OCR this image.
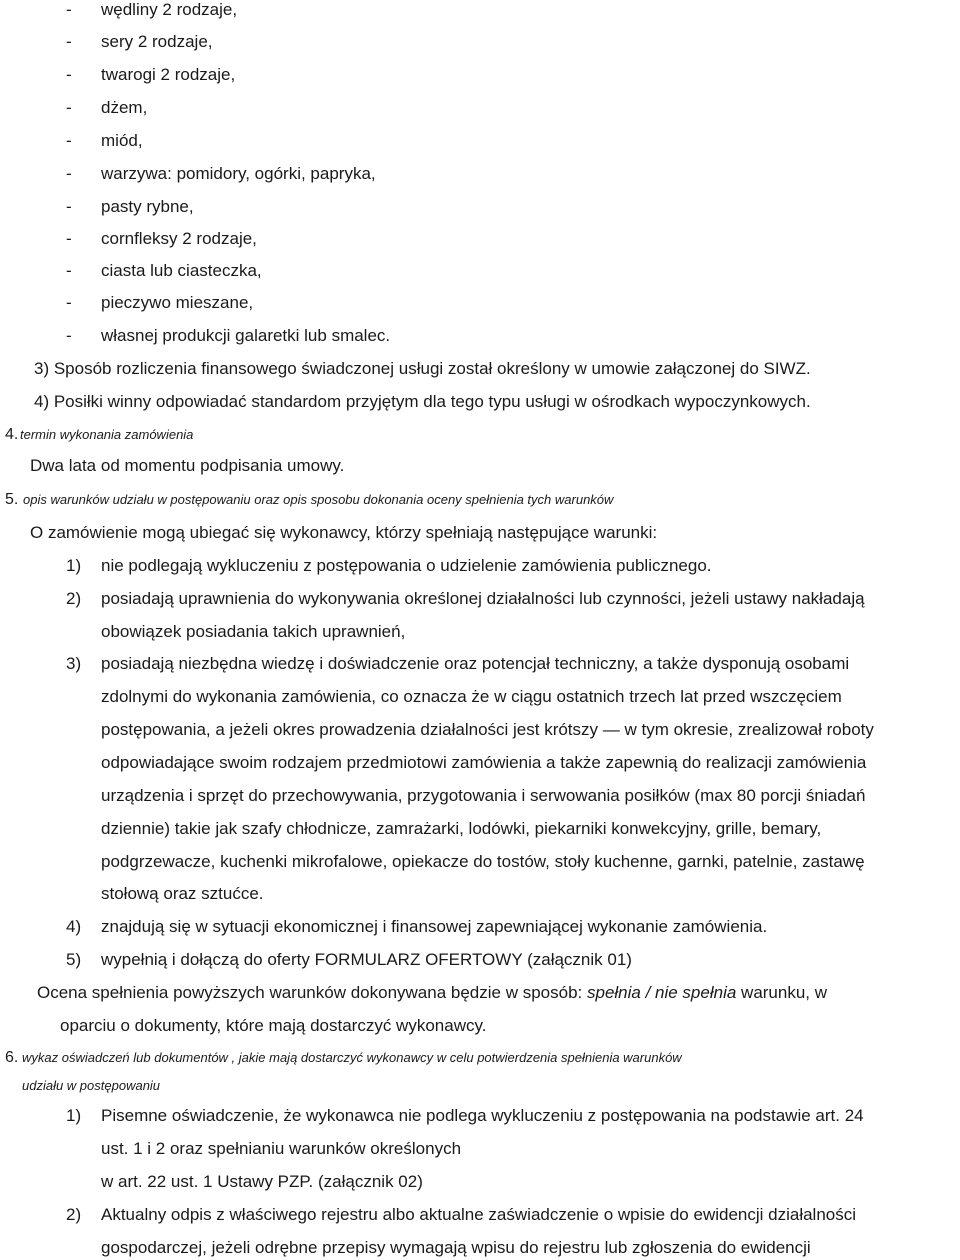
- wędliny 2 rodzaje,
- sery 2 rodzaje,
- twarogi 2 rodzaje,
- dżem,
- miód,
- warzywa: pomidory, ogórki, papryka,
- pasty rybne,
- cornfleksy 2 rodzaje,
- ciasta lub ciasteczka,
- pieczywo mieszane,
- własnej produkcji galaretki lub smalec.
3) Sposób rozliczenia finansowego świadczonej usługi został określony w umowie załączonej do SIWZ.
4) Posiłki winny odpowiadać standardom przyjętym dla tego typu usługi w ośrodkach wypoczynkowych.
4. termin wykonania zamówienia
Dwa lata od momentu podpisania umowy.
5. opis warunków udziału w postępowaniu oraz opis sposobu dokonania oceny spełnienia tych warunków
O zamówienie mogą ubiegać się wykonawcy, którzy spełniają następujące warunki:
1) nie podlegają wykluczeniu z postępowania o udzielenie zamówienia publicznego.
2) posiadają uprawnienia do wykonywania określonej działalności lub czynności, jeżeli ustawy nakładają
obowiązek posiadania takich uprawnień,
3) posiadają niezbędna wiedzę i doświadczenie oraz potencjał techniczny, a także dysponują osobami
zdolnymi do wykonania zamówienia, co oznacza że w ciągu ostatnich trzech lat przed wszczęciem
postępowania, a jeżeli okres prowadzenia działalności jest krótszy — w tym okresie, zrealizował roboty
odpowiadające swoim rodzajem przedmiotowi zamówienia a także zapewnią do realizacji zamówienia
urządzenia i sprzęt do przechowywania, przygotowania i serwowania posiłków (max 80 porcji śniadań
dziennie) takie jak szafy chłodnicze, zamrażarki, lodówki, piekarniki konwekcyjny, grille, bemary,
podgrzewacze, kuchenki mikrofalowe, opiekacze do tostów, stoły kuchenne, garnki, patelnie, zastawę
stołową oraz sztućce.
4) znajdują się w sytuacji ekonomicznej i finansowej zapewniającej wykonanie zamówienia.
5) wypełnią i dołączą do oferty FORMULARZ OFERTOWY (załącznik 01)
Ocena spełnienia powyższych warunków dokonywana będzie w sposób: spełnia / nie spełnia warunku, w
oparciu o dokumenty, które mają dostarczyć wykonawcy.
6. wykaz oświadczeń lub dokumentów , jakie mają dostarczyć wykonawcy w celu potwierdzenia spełnienia warunków
udziału w postępowaniu
1) Pisemne oświadczenie, że wykonawca nie podlega wykluczeniu z postępowania na podstawie art. 24
ust. 1 i 2 oraz spełnianiu warunków określonych
w art. 22 ust. 1 Ustawy PZP. (załącznik 02)
2) Aktualny odpis z właściwego rejestru albo aktualne zaświadczenie o wpisie do ewidencji działalności
gospodarczej, jeżeli odrębne przepisy wymagają wpisu do rejestru lub zgłoszenia do ewidencji
